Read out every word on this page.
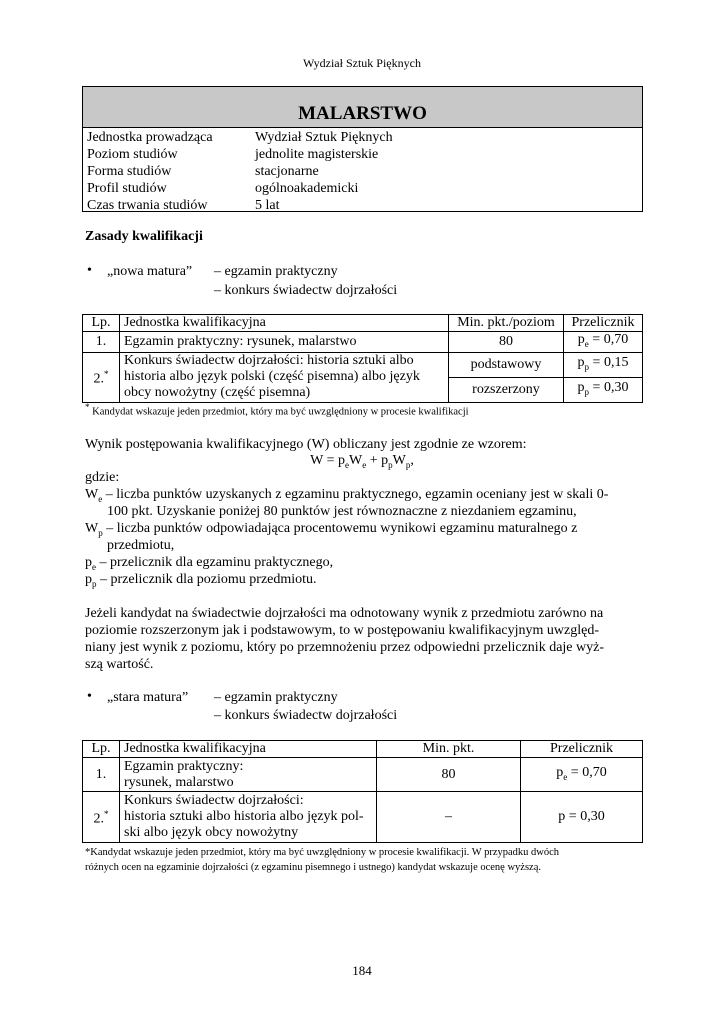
Wydział Sztuk Pięknych
MALARSTWO
Jednostka prowadząca	Wydział Sztuk Pięknych
Poziom studiów	jednolite magisterskie
Forma studiów	stacjonarne
Profil studiów	ogólnoakademicki
Czas trwania studiów	5 lat
Zasady kwalifikacji
• „nowa matura” – egzamin praktyczny
– konkurs świadectw dojrzałości
Lp.	Jednostka kwalifikacyjna	Min. pkt./poziom	Przelicznik
1.	Egzamin praktyczny: rysunek, malarstwo	80	$p_e = 0,70$
2.*	Konkurs świadectw dojrzałości: historia sztuki albo historia albo język polski (część pisemna) albo język obcy nowożytny (część pisemna)	podstawowy	$p_p = 0,15$
		rozszerzony	$p_p = 0,30$
* Kandydat wskazuje jeden przedmiot, który ma być uwzględniony w procesie kwalifikacji
Wynik postępowania kwalifikacyjnego (W) obliczany jest zgodnie ze wzorem:
$W = p_eW_e + p_pW_p$,
gdzie:
$W_e$ – liczba punktów uzyskanych z egzaminu praktycznego, egzamin oceniany jest w skali 0-
100 pkt. Uzyskanie poniżej 80 punktów jest równoznaczne z niezdaniem egzaminu,
$W_p$ – liczba punktów odpowiadająca procentowemu wynikowi egzaminu maturalnego z
przedmiotu,
$p_e$ – przelicznik dla egzaminu praktycznego,
$p_p$ – przelicznik dla poziomu przedmiotu.
Jeżeli kandydat na świadectwie dojrzałości ma odnotowany wynik z przedmiotu zarówno na
poziomie rozszerzonym jak i podstawowym, to w postępowaniu kwalifikacyjnym uwzględ-
niany jest wynik z poziomu, który po przemnożeniu przez odpowiedni przelicznik daje wyż-
szą wartość.
• „stara matura” – egzamin praktyczny
– konkurs świadectw dojrzałości
Lp.	Jednostka kwalifikacyjna	Min. pkt.	Przelicznik
1.	Egzamin praktyczny:
rysunek, malarstwo	80	$p_e = 0,70$
2.*	Konkurs świadectw dojrzałości:
historia sztuki albo historia albo język pol-
ski albo język obcy nowożytny	–	p = 0,30
*Kandydat wskazuje jeden przedmiot, który ma być uwzględniony w procesie kwalifikacji. W przypadku dwóch
różnych ocen na egzaminie dojrzałości (z egzaminu pisemnego i ustnego) kandydat wskazuje ocenę wyższą.
184
